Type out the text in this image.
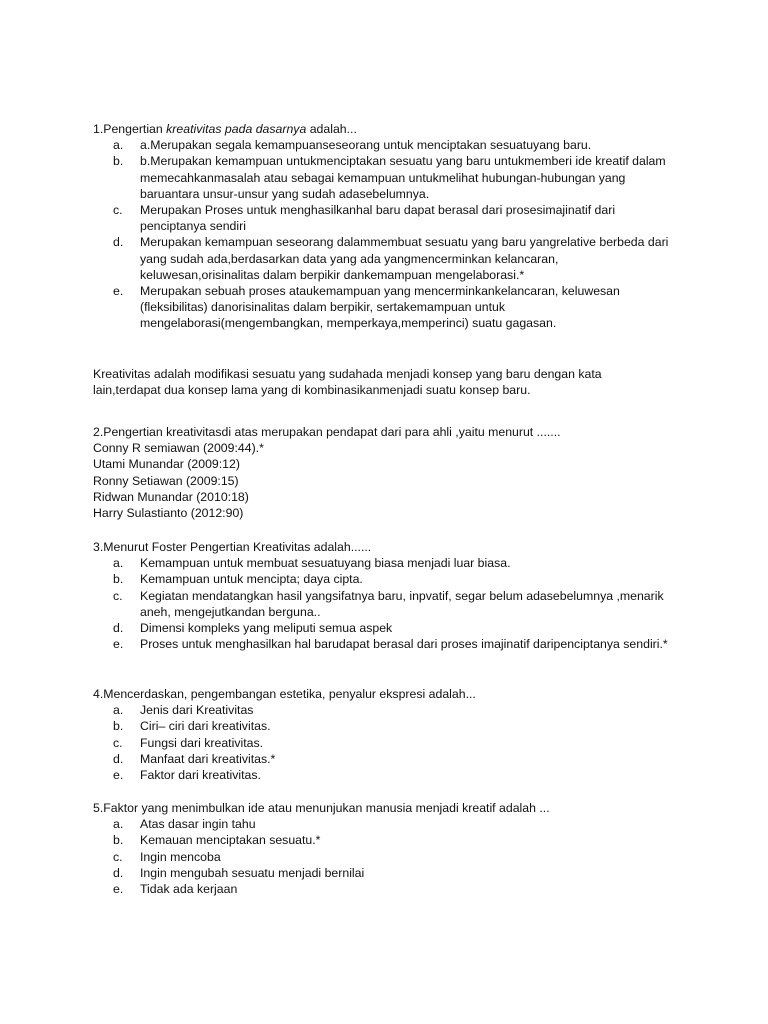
1.Pengertian kreativitas pada dasarnya adalah...

a.	a.Merupakan segala kemampuanseseorang untuk menciptakan sesuatuyang baru.
b.	b.Merupakan kemampuan untukmenciptakan sesuatu yang baru untukmemberi ide kreatif dalam memecahkanmasalah atau sebagai kemampuan untukmelihat hubungan-hubungan yang baruantara unsur-unsur yang sudah adasebelumnya.
c.	Merupakan Proses untuk menghasilkanhal baru dapat berasal dari prosesimajinatif dari penciptanya sendiri
d.	Merupakan kemampuan seseorang dalammembuat sesuatu yang baru yangrelative berbeda dari yang sudah ada,berdasarkan data yang ada yangmencerminkan kelancaran, keluwesan,orisinalitas dalam berpikir dankemampuan mengelaborasi.*
e.	Merupakan sebuah proses ataukemampuan yang mencerminkankelancaran, keluwesan (fleksibilitas) danorisinalitas dalam berpikir, sertakemampuan untuk mengelaborasi(mengembangkan, memperkaya,memperinci) suatu gagasan.

Kreativitas adalah modifikasi sesuatu yang sudahada menjadi konsep yang baru dengan kata lain,terdapat dua konsep lama yang di kombinasikanmenjadi suatu konsep baru.

2.Pengertian kreativitasdi atas merupakan pendapat dari para ahli ,yaitu menurut .......

Conny R semiawan (2009:44).*

Utami Munandar (2009:12)

Ronny Setiawan (2009:15)

Ridwan Munandar (2010:18)

Harry Sulastianto (2012:90)

3.Menurut Foster Pengertian Kreativitas adalah......

a.	Kemampuan untuk membuat sesuatuyang biasa menjadi luar biasa.
b.	Kemampuan untuk mencipta; daya cipta.
c.	Kegiatan mendatangkan hasil yangsifatnya baru, inpvatif, segar belum adasebelumnya ,menarik aneh, mengejutkandan berguna..
d.	Dimensi kompleks yang meliputi semua aspek
e.	Proses untuk menghasilkan hal barudapat berasal dari proses imajinatif daripenciptanya sendiri.*

4.Mencerdaskan, pengembangan estetika, penyalur ekspresi adalah...

a.	Jenis dari Kreativitas
b.	Ciri– ciri dari kreativitas.
c.	Fungsi dari kreativitas.
d.	Manfaat dari kreativitas.*
e.	Faktor dari kreativitas.

5.Faktor yang menimbulkan ide atau menunjukan manusia menjadi kreatif adalah ...

a.	Atas dasar ingin tahu
b.	Kemauan menciptakan sesuatu.*
c.	Ingin mencoba
d.	Ingin mengubah sesuatu menjadi bernilai
e.	Tidak ada kerjaan
